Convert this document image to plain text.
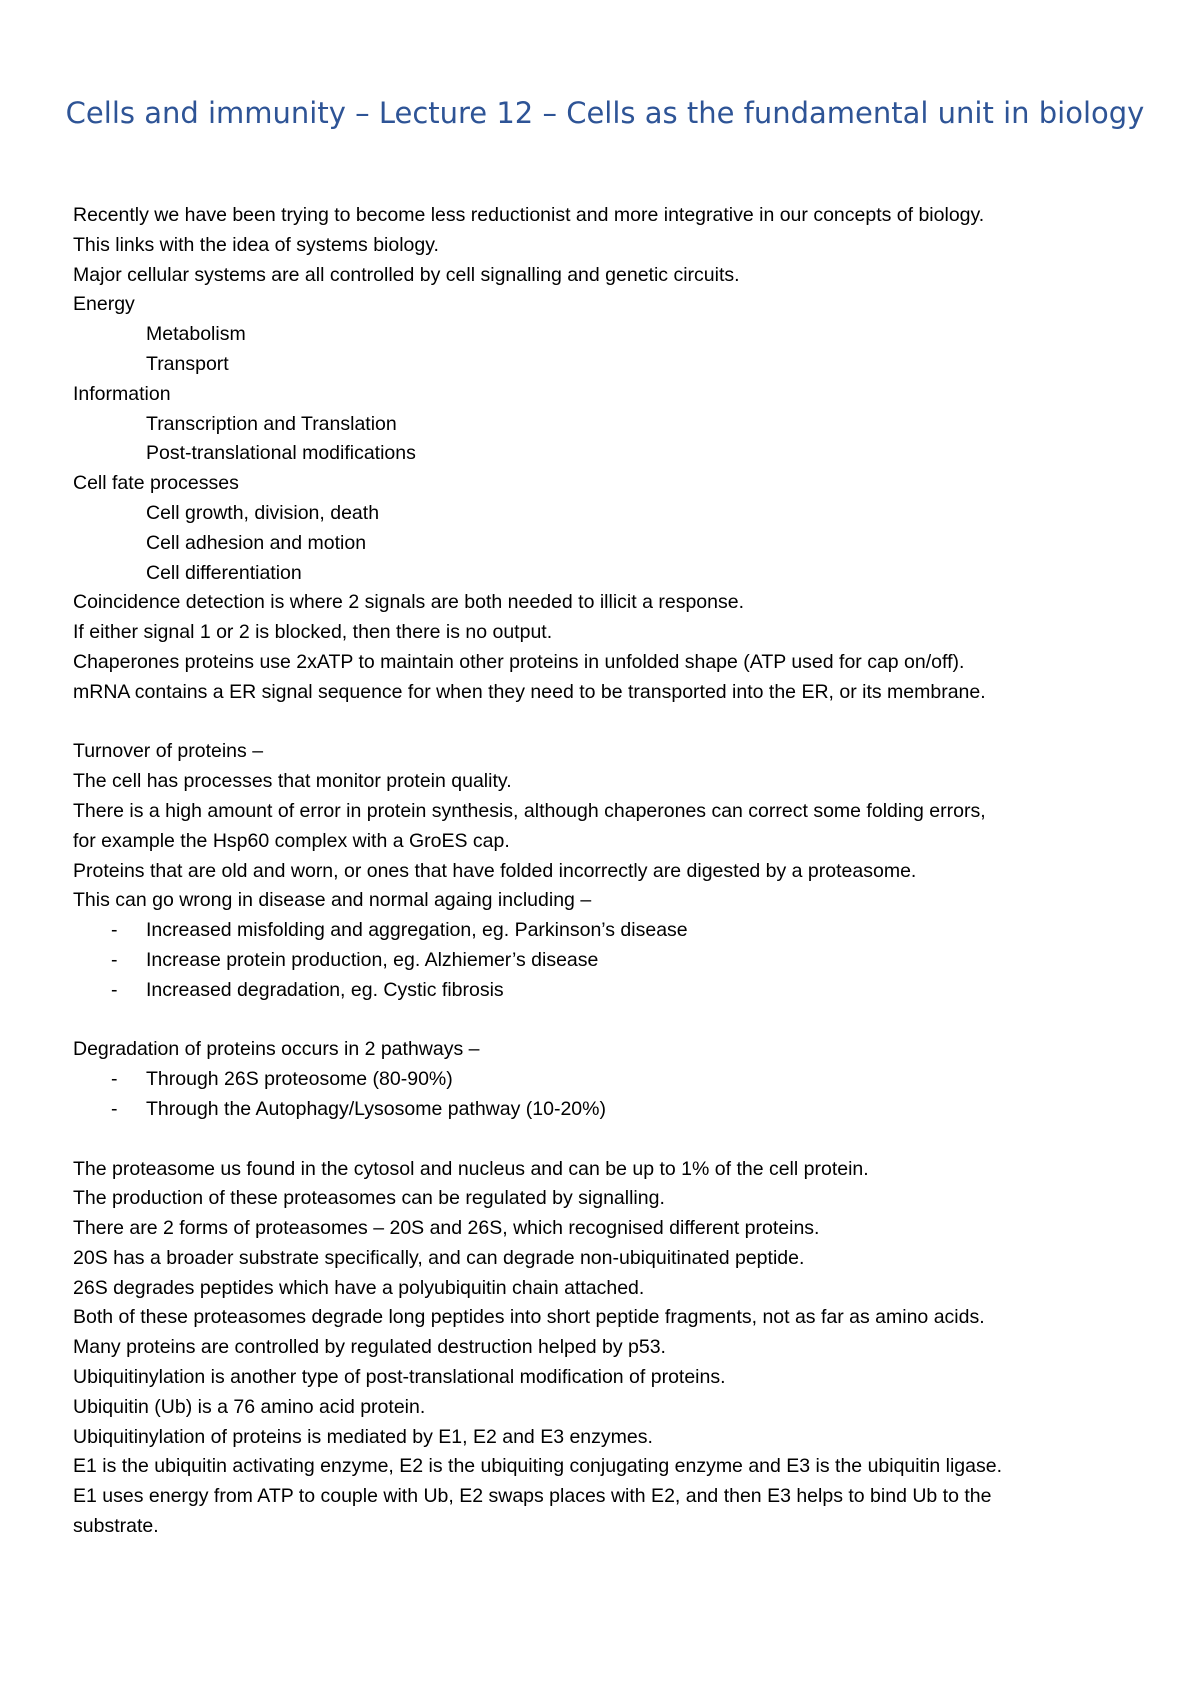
Cells and immunity – Lecture 12 – Cells as the fundamental unit in biology

Recently we have been trying to become less reductionist and more integrative in our concepts of biology.

This links with the idea of systems biology.

Major cellular systems are all controlled by cell signalling and genetic circuits.

Energy

Metabolism

Transport

Information

Transcription and Translation

Post-translational modifications

Cell fate processes

Cell growth, division, death

Cell adhesion and motion

Cell differentiation

Coincidence detection is where 2 signals are both needed to illicit a response.

If either signal 1 or 2 is blocked, then there is no output.

Chaperones proteins use 2xATP to maintain other proteins in unfolded shape (ATP used for cap on/off).

mRNA contains a ER signal sequence for when they need to be transported into the ER, or its membrane.

Turnover of proteins –

The cell has processes that monitor protein quality.

There is a high amount of error in protein synthesis, although chaperones can correct some folding errors,

for example the Hsp60 complex with a GroES cap.

Proteins that are old and worn, or ones that have folded incorrectly are digested by a proteasome.

This can go wrong in disease and normal againg including –

-	Increased misfolding and aggregation, eg. Parkinson’s disease
-	Increase protein production, eg. Alzhiemer’s disease
-	Increased degradation, eg. Cystic fibrosis

Degradation of proteins occurs in 2 pathways –

-	Through 26S proteosome (80-90%)
-	Through the Autophagy/Lysosome pathway (10-20%)

The proteasome us found in the cytosol and nucleus and can be up to 1% of the cell protein.

The production of these proteasomes can be regulated by signalling.

There are 2 forms of proteasomes – 20S and 26S, which recognised different proteins.

20S has a broader substrate specifically, and can degrade non-ubiquitinated peptide.

26S degrades peptides which have a polyubiquitin chain attached.

Both of these proteasomes degrade long peptides into short peptide fragments, not as far as amino acids.

Many proteins are controlled by regulated destruction helped by p53.

Ubiquitinylation is another type of post-translational modification of proteins.

Ubiquitin (Ub) is a 76 amino acid protein.

Ubiquitinylation of proteins is mediated by E1, E2 and E3 enzymes.

E1 is the ubiquitin activating enzyme, E2 is the ubiquiting conjugating enzyme and E3 is the ubiquitin ligase.

E1 uses energy from ATP to couple with Ub, E2 swaps places with E2, and then E3 helps to bind Ub to the

substrate.
